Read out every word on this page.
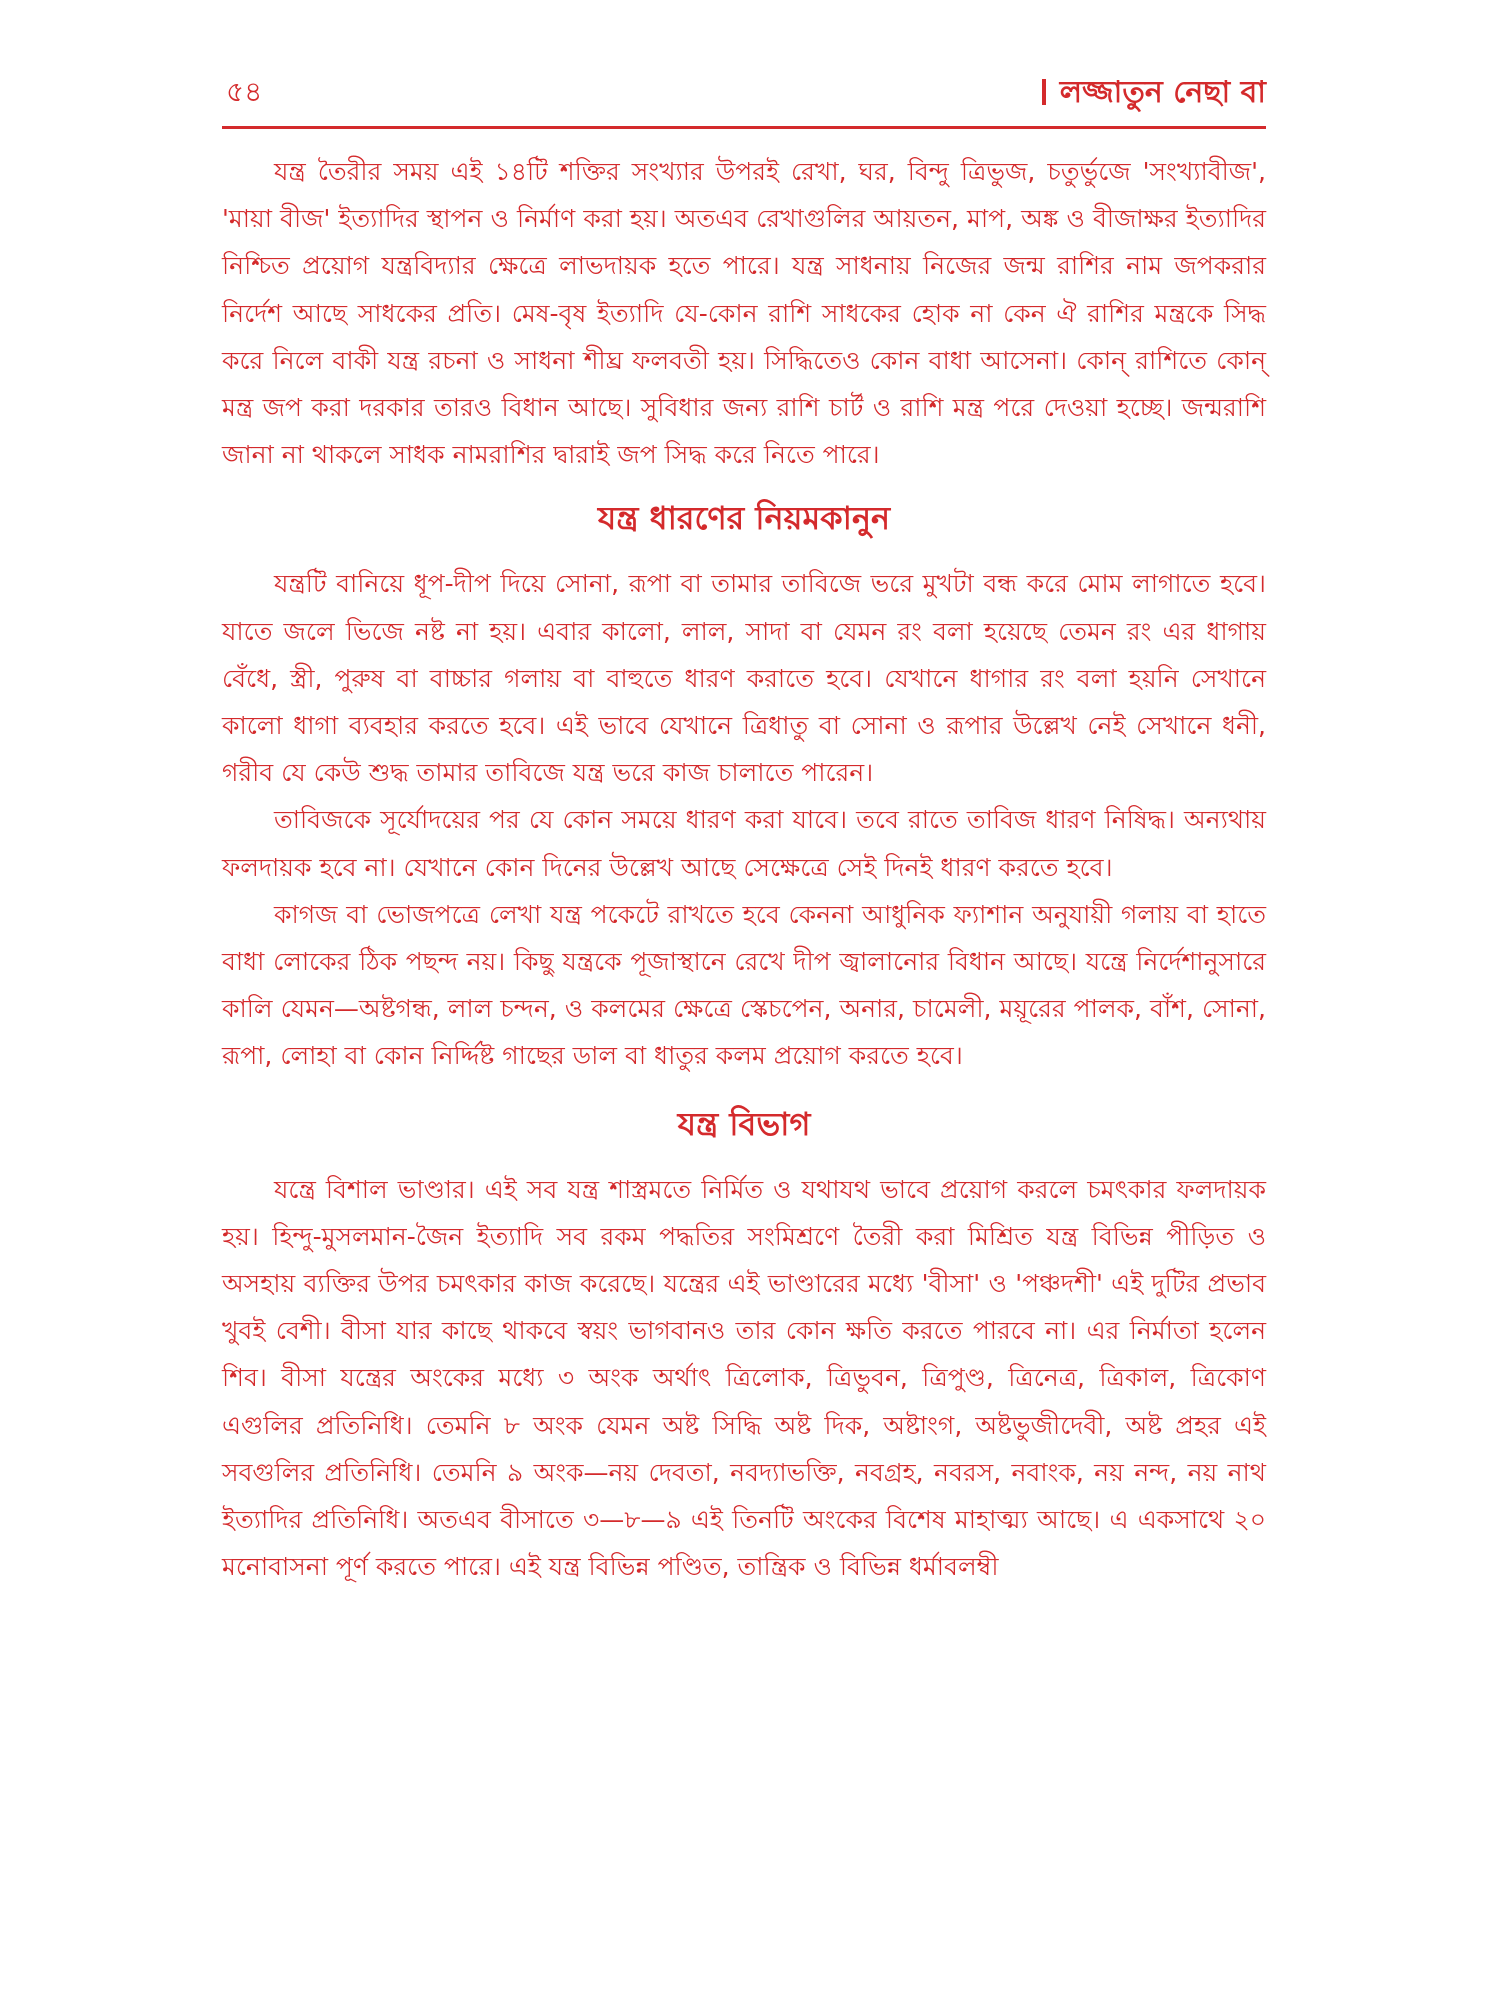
৫৪	লজ্জাতুন নেছা বা

যন্ত্র তৈরীর সময় এই ১৪টি শক্তির সংখ্যার উপরই রেখা, ঘর, বিন্দু ত্রিভুজ, চতুর্ভুজে 'সংখ্যাবীজ', 'মায়া বীজ' ইত্যাদির স্থাপন ও নির্মাণ করা হয়। অতএব রেখাগুলির আয়তন, মাপ, অঙ্ক ও বীজাক্ষর ইত্যাদির নিশ্চিত প্রয়োগ যন্ত্রবিদ্যার ক্ষেত্রে লাভদায়ক হতে পারে। যন্ত্র সাধনায় নিজের জন্ম রাশির নাম জপকরার নির্দেশ আছে সাধকের প্রতি। মেষ-বৃষ ইত্যাদি যে-কোন রাশি সাধকের হোক না কেন ঐ রাশির মন্ত্রকে সিদ্ধ করে নিলে বাকী যন্ত্র রচনা ও সাধনা শীঘ্র ফলবতী হয়। সিদ্ধিতেও কোন বাধা আসেনা। কোন্ রাশিতে কোন্ মন্ত্র জপ করা দরকার তারও বিধান আছে। সুবিধার জন্য রাশি চার্ট ও রাশি মন্ত্র পরে দেওয়া হচ্ছে। জন্মরাশি জানা না থাকলে সাধক নামরাশির দ্বারাই জপ সিদ্ধ করে নিতে পারে।

যন্ত্র ধারণের নিয়মকানুন

যন্ত্রটি বানিয়ে ধূপ-দীপ দিয়ে সোনা, রূপা বা তামার তাবিজে ভরে মুখটা বন্ধ করে মোম লাগাতে হবে। যাতে জলে ভিজে নষ্ট না হয়। এবার কালো, লাল, সাদা বা যেমন রং বলা হয়েছে তেমন রং এর ধাগায় বেঁধে, স্ত্রী, পুরুষ বা বাচ্চার গলায় বা বাহুতে ধারণ করাতে হবে। যেখানে ধাগার রং বলা হয়নি সেখানে কালো ধাগা ব্যবহার করতে হবে। এই ভাবে যেখানে ত্রিধাতু বা সোনা ও রূপার উল্লেখ নেই সেখানে ধনী, গরীব যে কেউ শুদ্ধ তামার তাবিজে যন্ত্র ভরে কাজ চালাতে পারেন।

তাবিজকে সূর্যোদয়ের পর যে কোন সময়ে ধারণ করা যাবে। তবে রাতে তাবিজ ধারণ নিষিদ্ধ। অন্যথায় ফলদায়ক হবে না। যেখানে কোন দিনের উল্লেখ আছে সেক্ষেত্রে সেই দিনই ধারণ করতে হবে।

কাগজ বা ভোজপত্রে লেখা যন্ত্র পকেটে রাখতে হবে কেননা আধুনিক ফ্যাশান অনুযায়ী গলায় বা হাতে বাধা লোকের ঠিক পছন্দ নয়। কিছু যন্ত্রকে পূজাস্থানে রেখে দীপ জ্বালানোর বিধান আছে। যন্ত্রে নির্দেশানুসারে কালি যেমন—অষ্টগন্ধ, লাল চন্দন, ও কলমের ক্ষেত্রে স্কেচপেন, অনার, চামেলী, ময়ূরের পালক, বাঁশ, সোনা, রূপা, লোহা বা কোন নির্দ্দিষ্ট গাছের ডাল বা ধাতুর কলম প্রয়োগ করতে হবে।

যন্ত্র বিভাগ

যন্ত্রে বিশাল ভাণ্ডার। এই সব যন্ত্র শাস্ত্রমতে নির্মিত ও যথাযথ ভাবে প্রয়োগ করলে চমৎকার ফলদায়ক হয়। হিন্দু-মুসলমান-জৈন ইত্যাদি সব রকম পদ্ধতির সংমিশ্রণে তৈরী করা মিশ্রিত যন্ত্র বিভিন্ন পীড়িত ও অসহায় ব্যক্তির উপর চমৎকার কাজ করেছে। যন্ত্রের এই ভাণ্ডারের মধ্যে 'বীসা' ও 'পঞ্চদশী' এই দুটির প্রভাব খুবই বেশী। বীসা যার কাছে থাকবে স্বয়ং ভাগবানও তার কোন ক্ষতি করতে পারবে না। এর নির্মাতা হলেন শিব। বীসা যন্ত্রের অংকের মধ্যে ৩ অংক অর্থাৎ ত্রিলোক, ত্রিভুবন, ত্রিপুণ্ড, ত্রিনেত্র, ত্রিকাল, ত্রিকোণ এগুলির প্রতিনিধি। তেমনি ৮ অংক যেমন অষ্ট সিদ্ধি অষ্ট দিক, অষ্টাংগ, অষ্টভুজীদেবী, অষ্ট প্রহর এই সবগুলির প্রতিনিধি। তেমনি ৯ অংক—নয় দেবতা, নবদ্যাভক্তি, নবগ্রহ, নবরস, নবাংক, নয় নন্দ, নয় নাথ ইত্যাদির প্রতিনিধি। অতএব বীসাতে ৩—৮—৯ এই তিনটি অংকের বিশেষ মাহাত্ম্য আছে। এ একসাথে ২০ মনোবাসনা পূর্ণ করতে পারে। এই যন্ত্র বিভিন্ন পণ্ডিত, তান্ত্রিক ও বিভিন্ন ধর্মাবলম্বী
